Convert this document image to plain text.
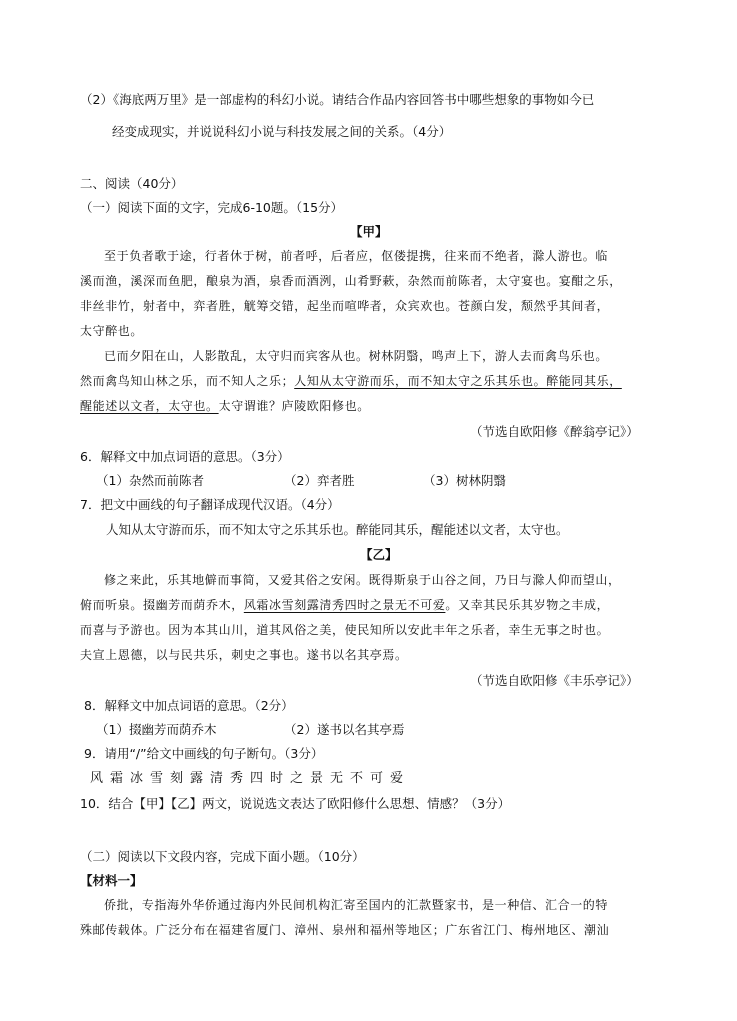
（2）《海底两万里》是一部虚构的科幻小说。请结合作品内容回答书中哪些想象的事物如今已
经变成现实，并说说科幻小说与科技发展之间的关系。（4分）
二、阅读（40分）
（一）阅读下面的文字，完成6-10题。（15分）
【甲】
至于负者歌于途，行者休于树，前者呼，后者应，伛偻提携，往来而不绝者，滁人游也。临
溪而渔，溪深而鱼肥，酿泉为酒，泉香而酒洌，山肴野蔌，杂然而前陈者，太守宴也。宴酣之乐，
非丝非竹，射者中，弈者胜，觥筹交错，起坐而喧哗者，众宾欢也。苍颜白发，颓然乎其间者，
太守醉也。
已而夕阳在山，人影散乱，太守归而宾客从也。树林阴翳，鸣声上下，游人去而禽鸟乐也。
然而禽鸟知山林之乐，而不知人之乐；人知从太守游而乐，而不知太守之乐其乐也。醉能同其乐，
醒能述以文者，太守也。太守谓谁？庐陵欧阳修也。
（节选自欧阳修《醉翁亭记》）
6．解释文中加点词语的意思。（3分）
（1）杂然而前陈者	（2）弈者胜	（3）树林阴翳
7．把文中画线的句子翻译成现代汉语。（4分）
人知从太守游而乐，而不知太守之乐其乐也。醉能同其乐，醒能述以文者，太守也。
【乙】
修之来此，乐其地僻而事简，又爱其俗之安闲。既得斯泉于山谷之间，乃日与滁人仰而望山，
俯而听泉。掇幽芳而荫乔木，风霜冰雪刻露清秀四时之景无不可爱。又幸其民乐其岁物之丰成，
而喜与予游也。因为本其山川，道其风俗之美，使民知所以安此丰年之乐者，幸生无事之时也。
夫宣上恩德，以与民共乐，刺史之事也。遂书以名其亭焉。
（节选自欧阳修《丰乐亭记》）
8．解释文中加点词语的意思。（2分）
（1）掇幽芳而荫乔木	（2）遂书以名其亭焉
9．请用“/”给文中画线的句子断句。（3分）
风霜冰雪刻露清秀四时之景无不可爱
10．结合【甲】【乙】两文，说说选文表达了欧阳修什么思想、情感？（3分）
（二）阅读以下文段内容，完成下面小题。（10分）
【材料一】
侨批，专指海外华侨通过海内外民间机构汇寄至国内的汇款暨家书，是一种信、汇合一的特
殊邮传载体。广泛分布在福建省厦门、漳州、泉州和福州等地区；广东省江门、梅州地区、潮汕
